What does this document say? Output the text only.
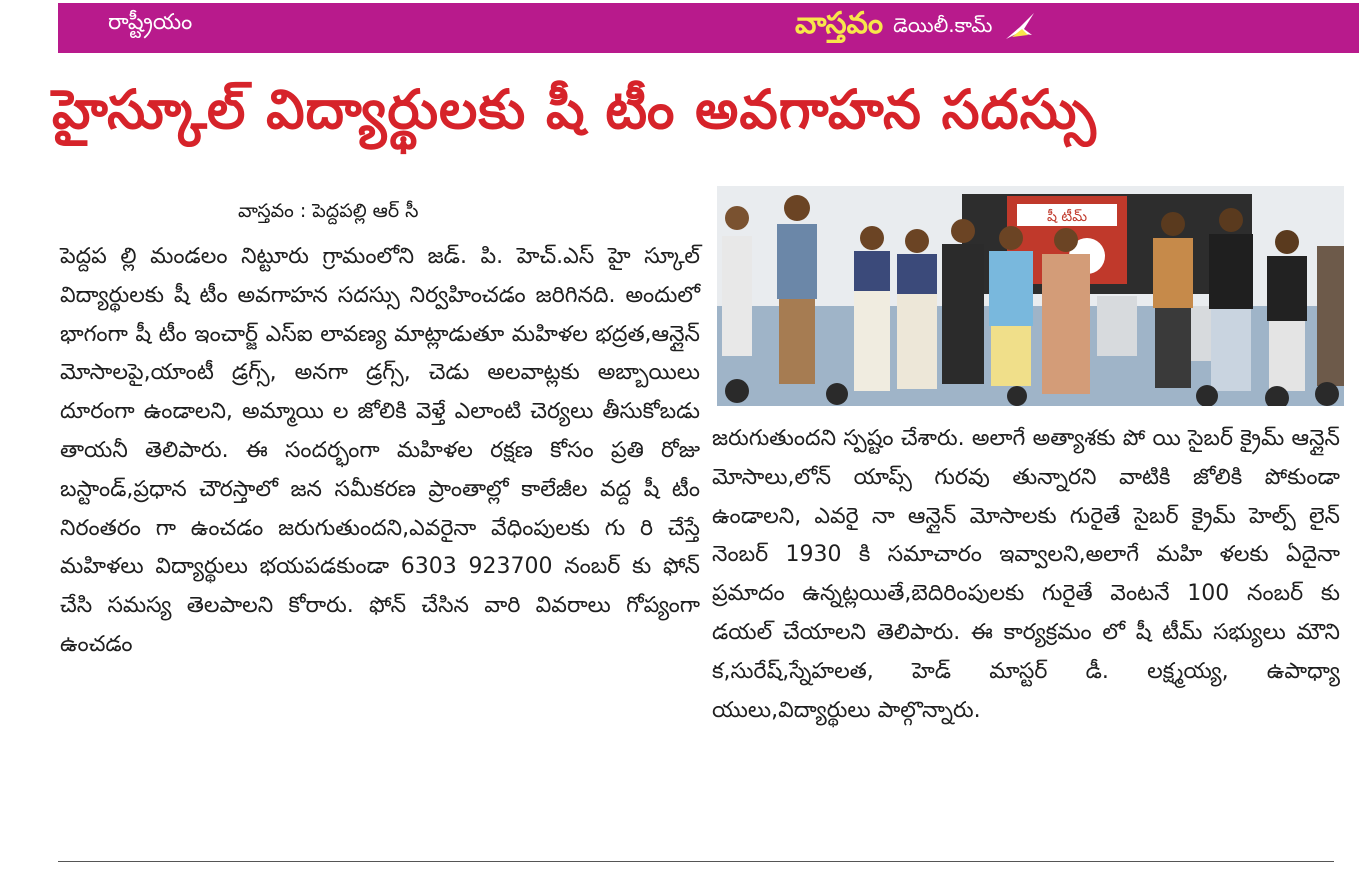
రాష్ట్రీయం	వాస్తవం డెయిలీ.కామ్
హైస్కూల్ విద్యార్థులకు షీ టీం అవగాహన సదస్సు
వాస్తవం : పెద్దపల్లి ఆర్ సీ
పెద్దప ల్లి మండలం నిట్టూరు గ్రామంలోని జడ్. పి. హెచ్.ఎస్ హై స్కూల్ విద్యార్థులకు షీ టీం అవగాహన సదస్సు నిర్వహించడం జరిగినది. అందులో భాగంగా షీ టీం ఇంచార్జ్ ఎస్ఐ లావణ్య మాట్లాడుతూ మహిళల భద్రత,ఆన్లైన్ మోసాలపై,యాంటీ డ్రగ్స్, అనగా డ్రగ్స్, చెడు అలవాట్లకు అబ్బాయిలు దూరంగా ఉండాలని, అమ్మాయి ల జోలికి వెళ్తే ఎలాంటి చెర్యలు తీసుకోబడు తాయనీ తెలిపారు. ఈ సందర్భంగా మహిళల రక్షణ కోసం ప్రతి రోజు బస్టాండ్,ప్రధాన చౌరస్తాలో జన సమీకరణ ప్రాంతాల్లో కాలేజీల వద్ద షీ టీం నిరంతరం గా ఉంచడం జరుగుతుందని,ఎవరైనా వేధింపులకు గు రి చేస్తే మహిళలు విద్యార్థులు భయపడకుండా 6303 923700 నంబర్ కు ఫోన్ చేసి సమస్య తెలపాలని కోరారు. ఫోన్ చేసిన వారి వివరాలు గోప్యంగా ఉంచడం
షీ టీమ్
జరుగుతుందని స్పష్టం చేశారు. అలాగే అత్యాశకు పో యి సైబర్ క్రైమ్ ఆన్లైన్ మోసాలు,లోన్ యాప్స్ గురవు తున్నారని వాటికి జోలికి పోకుండా ఉండాలని, ఎవరై నా ఆన్లైన్ మోసాలకు గురైతే సైబర్ క్రైమ్ హెల్ప్ లైన్ నెంబర్ 1930 కి సమాచారం ఇవ్వాలని,అలాగే మహి ళలకు ఏదైనా ప్రమాదం ఉన్నట్లయితే,బెదిరింపులకు గురైతే వెంటనే 100 నంబర్ కు డయల్ చేయాలని తెలిపారు. ఈ కార్యక్రమం లో షీ టీమ్ సభ్యులు మౌని క,సురేష్,స్నేహలత, హెడ్ మాస్టర్ డీ. లక్ష్మయ్య, ఉపాధ్యా యులు,విద్యార్థులు పాల్గొన్నారు.
